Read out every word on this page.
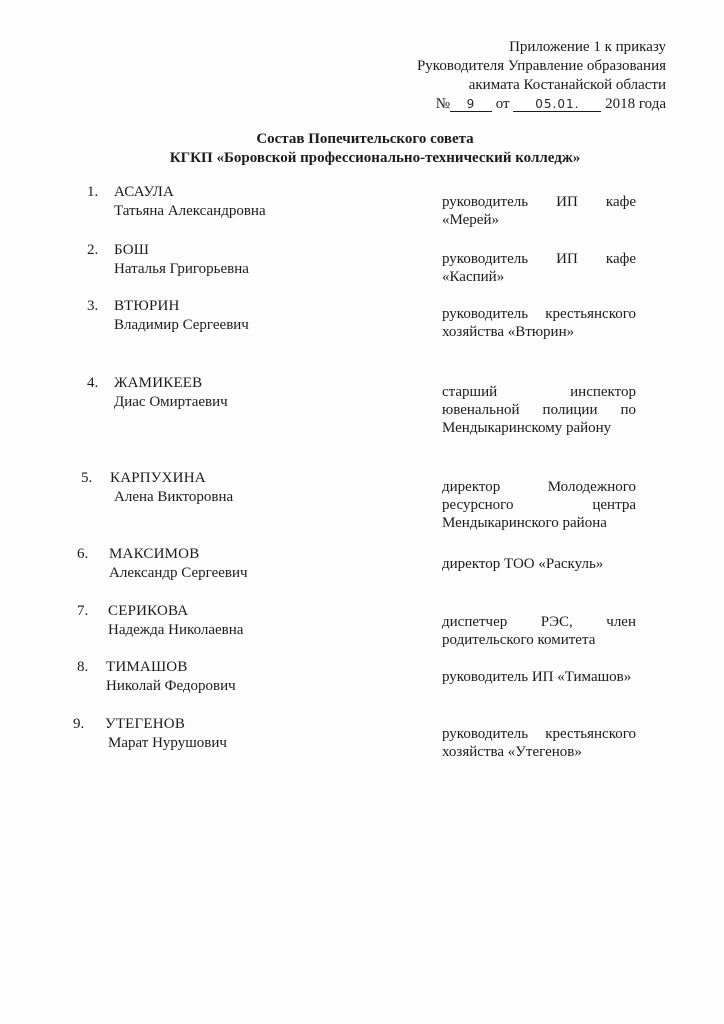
Приложение 1 к приказу
Руководителя Управление образования
акимата Костанайской области
№ 9 от 05.01. 2018 года
Состав Попечительского совета
КГКП «Боровской профессионально-технический колледж»
1. АСАУЛА
Татьяна Александровна
руководитель ИП кафе «Мерей»
2. БОШ
Наталья Григорьевна
руководитель ИП кафе «Каспий»
3. ВТЮРИН
Владимир Сергеевич
руководитель крестьянского хозяйства «Втюрин»
4. ЖАМИКЕЕВ
Диас Омиртаевич
старший инспектор ювенальной полиции по Мендыкаринскому району
5. КАРПУХИНА
Алена Викторовна
директор Молодежного ресурсного центра Мендыкаринского района
6. МАКСИМОВ
Александр Сергеевич
директор ТОО «Раскуль»
7. СЕРИКОВА
Надежда Николаевна	диспетчер РЭС, член родительского комитета
8. ТИМАШОВ
Николай Федорович
руководитель ИП «Тимашов»
9. УТЕГЕНОВ
Марат Нурушович
руководитель крестьянского хозяйства «Утегенов»
